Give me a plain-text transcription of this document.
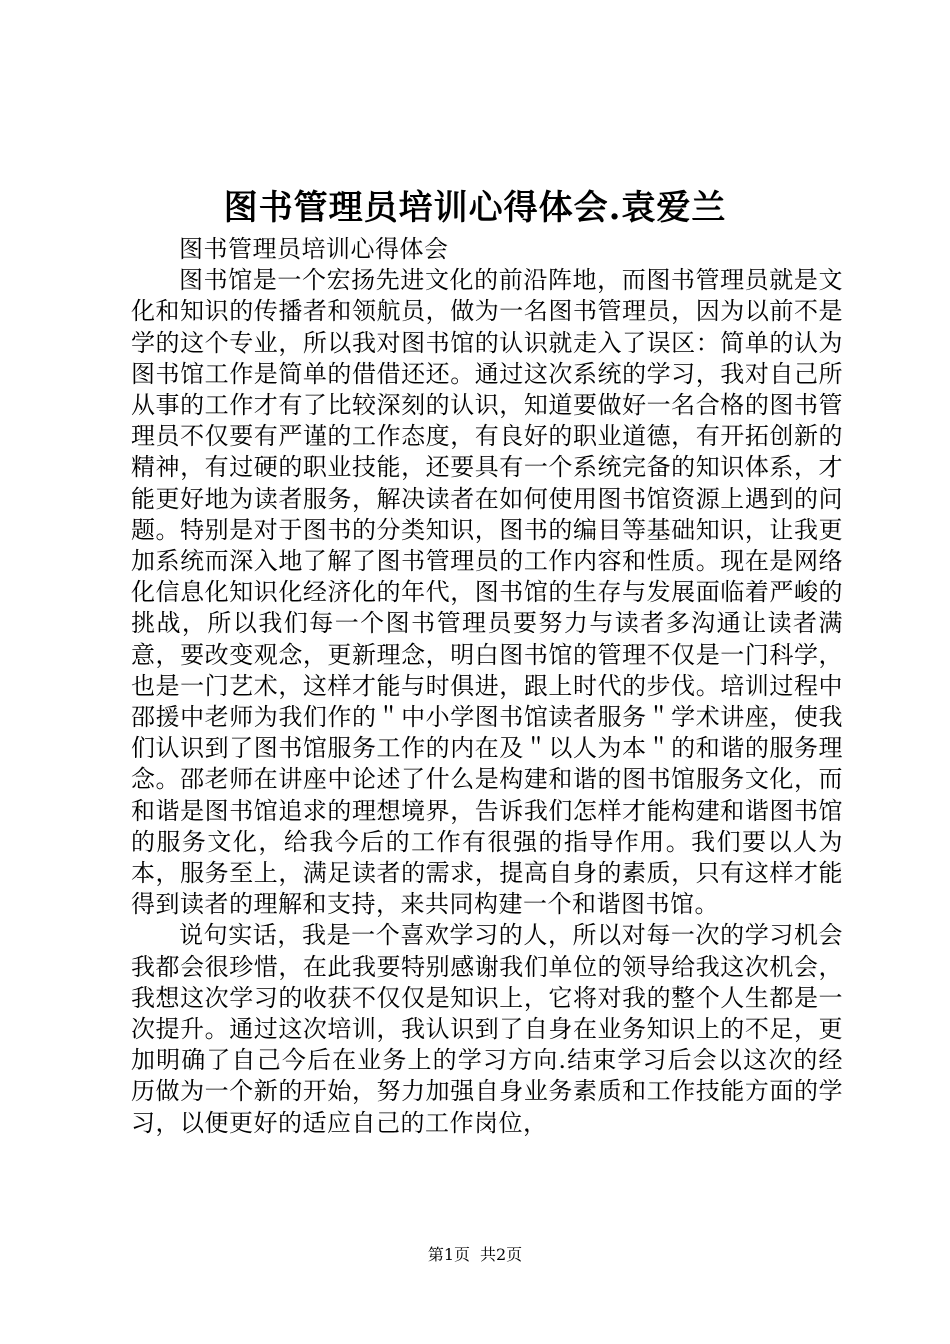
图书管理员培训心得体会.袁爱兰

图书管理员培训心得体会

图书馆是一个宏扬先进文化的前沿阵地，而图书管理员就是文化和知识的传播者和领航员，做为一名图书管理员，因为以前不是学的这个专业，所以我对图书馆的认识就走入了误区：简单的认为图书馆工作是简单的借借还还。通过这次系统的学习，我对自己所从事的工作才有了比较深刻的认识，知道要做好一名合格的图书管理员不仅要有严谨的工作态度，有良好的职业道德，有开拓创新的精神，有过硬的职业技能，还要具有一个系统完备的知识体系，才能更好地为读者服务，解决读者在如何使用图书馆资源上遇到的问题。特别是对于图书的分类知识，图书的编目等基础知识，让我更加系统而深入地了解了图书管理员的工作内容和性质。现在是网络化信息化知识化经济化的年代，图书馆的生存与发展面临着严峻的挑战，所以我们每一个图书管理员要努力与读者多沟通让读者满意，要改变观念，更新理念，明白图书馆的管理不仅是一门科学，也是一门艺术，这样才能与时俱进，跟上时代的步伐。培训过程中邵援中老师为我们作的＂中小学图书馆读者服务＂学术讲座，使我们认识到了图书馆服务工作的内在及＂以人为本＂的和谐的服务理念。邵老师在讲座中论述了什么是构建和谐的图书馆服务文化，而和谐是图书馆追求的理想境界，告诉我们怎样才能构建和谐图书馆的服务文化，给我今后的工作有很强的指导作用。我们要以人为本，服务至上，满足读者的需求，提高自身的素质，只有这样才能得到读者的理解和支持，来共同构建一个和谐图书馆。

说句实话，我是一个喜欢学习的人，所以对每一次的学习机会我都会很珍惜，在此我要特别感谢我们单位的领导给我这次机会，我想这次学习的收获不仅仅是知识上，它将对我的整个人生都是一次提升。通过这次培训，我认识到了自身在业务知识上的不足，更加明确了自己今后在业务上的学习方向.结束学习后会以这次的经历做为一个新的开始，努力加强自身业务素质和工作技能方面的学习，以便更好的适应自己的工作岗位，

第1页 共2页
